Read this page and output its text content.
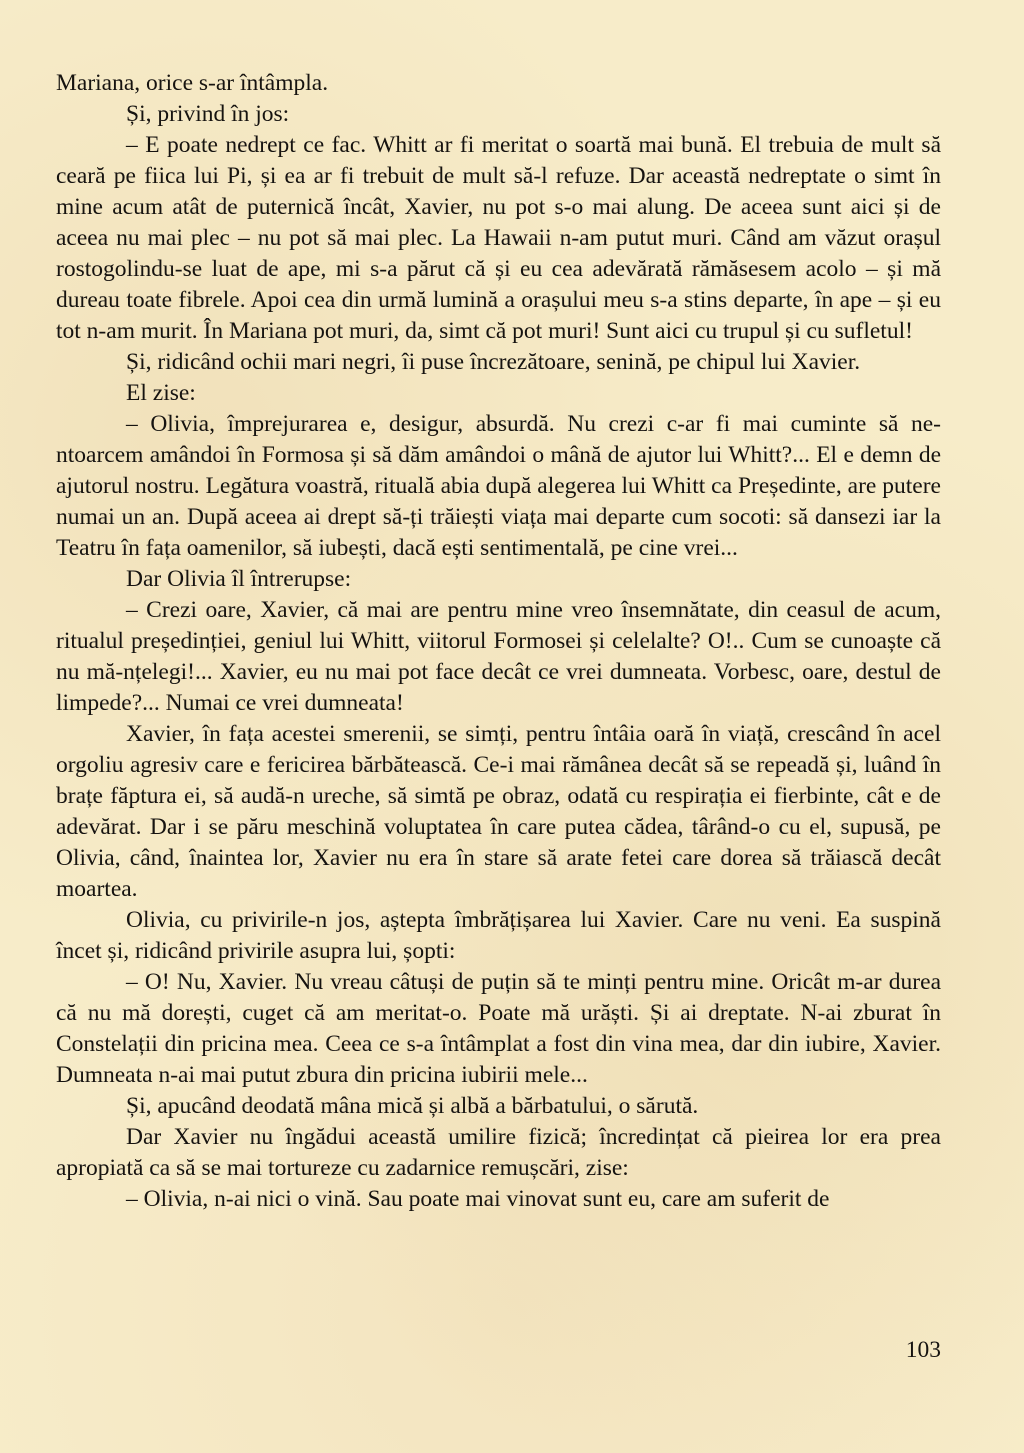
Mariana, orice s-ar întâmpla.

Și, privind în jos:

– E poate nedrept ce fac. Whitt ar fi meritat o soartă mai bună. El trebuia de mult să ceară pe fiica lui Pi, și ea ar fi trebuit de mult să-l refuze. Dar această nedreptate o simt în mine acum atât de puternică încât, Xavier, nu pot s-o mai alung. De aceea sunt aici și de aceea nu mai plec – nu pot să mai plec. La Hawaii n-am putut muri. Când am văzut orașul rostogolindu-se luat de ape, mi s-a părut că și eu cea adevărată rămăsesem acolo – și mă dureau toate fibrele. Apoi cea din urmă lumină a orașului meu s-a stins departe, în ape – și eu tot n-am murit. În Mariana pot muri, da, simt că pot muri! Sunt aici cu trupul și cu sufletul!

Și, ridicând ochii mari negri, îi puse încrezătoare, senină, pe chipul lui Xavier.

El zise:

– Olivia, împrejurarea e, desigur, absurdă. Nu crezi c-ar fi mai cuminte să ne-ntoarcem amândoi în Formosa și să dăm amândoi o mână de ajutor lui Whitt?... El e demn de ajutorul nostru. Legătura voastră, rituală abia după alegerea lui Whitt ca Președinte, are putere numai un an. După aceea ai drept să-ți trăiești viața mai departe cum socoti: să dansezi iar la Teatru în fața oamenilor, să iubești, dacă ești sentimentală, pe cine vrei...

Dar Olivia îl întrerupse:

– Crezi oare, Xavier, că mai are pentru mine vreo însemnătate, din ceasul de acum, ritualul președinției, geniul lui Whitt, viitorul Formosei și celelalte? O!.. Cum se cunoaște că nu mă-nțelegi!... Xavier, eu nu mai pot face decât ce vrei dumneata. Vorbesc, oare, destul de limpede?... Numai ce vrei dumneata!

Xavier, în fața acestei smerenii, se simți, pentru întâia oară în viață, crescând în acel orgoliu agresiv care e fericirea bărbătească. Ce-i mai rămânea decât să se repeadă și, luând în brațe făptura ei, să audă-n ureche, să simtă pe obraz, odată cu respirația ei fierbinte, cât e de adevărat. Dar i se păru meschină voluptatea în care putea cădea, târând-o cu el, supusă, pe Olivia, când, înaintea lor, Xavier nu era în stare să arate fetei care dorea să trăiască decât moartea.

Olivia, cu privirile-n jos, aștepta îmbrățișarea lui Xavier. Care nu veni. Ea suspină încet și, ridicând privirile asupra lui, șopti:

– O! Nu, Xavier. Nu vreau câtuși de puțin să te minți pentru mine. Oricât m-ar durea că nu mă dorești, cuget că am meritat-o. Poate mă urăști. Și ai dreptate. N-ai zburat în Constelații din pricina mea. Ceea ce s-a întâmplat a fost din vina mea, dar din iubire, Xavier. Dumneata n-ai mai putut zbura din pricina iubirii mele...

Și, apucând deodată mâna mică și albă a bărbatului, o sărută.

Dar Xavier nu îngădui această umilire fizică; încredințat că pieirea lor era prea apropiată ca să se mai tortureze cu zadarnice remușcări, zise:

– Olivia, n-ai nici o vină. Sau poate mai vinovat sunt eu, care am suferit de

103
